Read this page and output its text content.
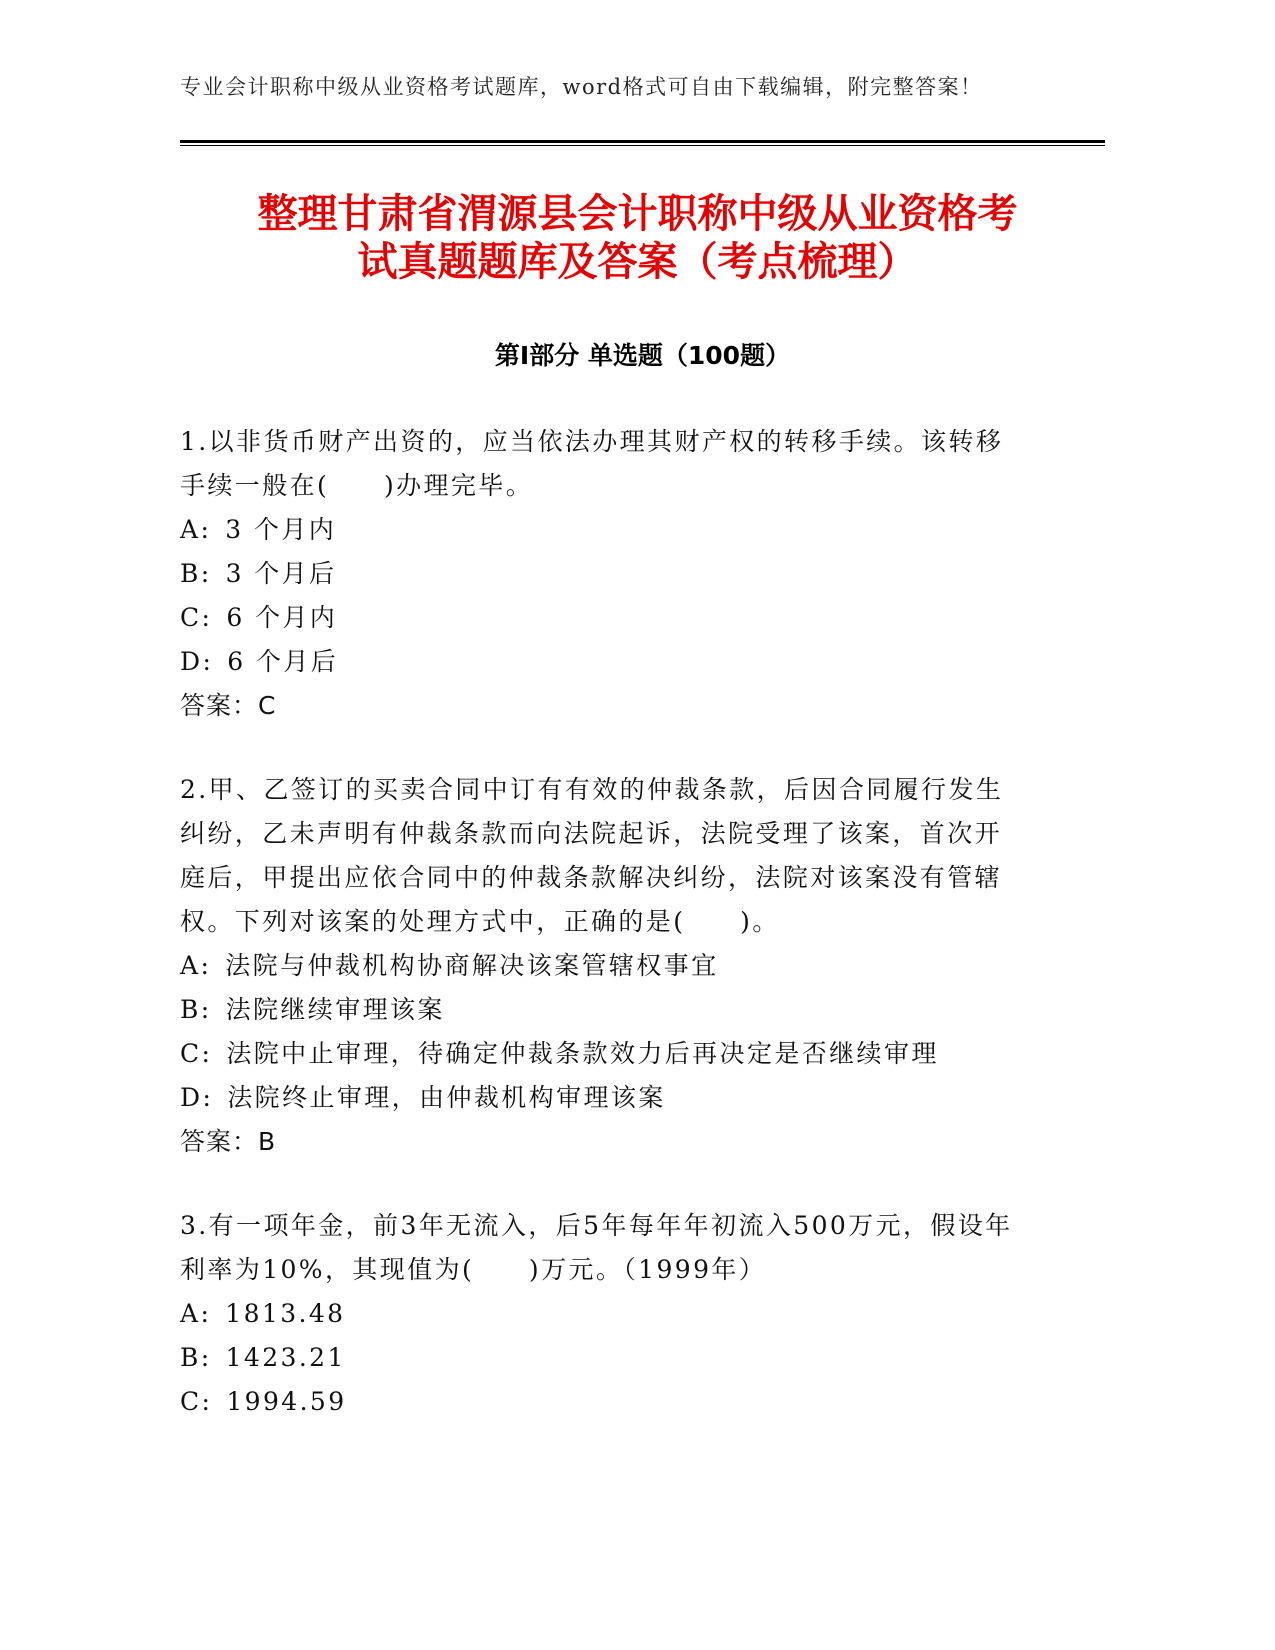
专业会计职称中级从业资格考试题库，word格式可自由下载编辑，附完整答案！
整理甘肃省渭源县会计职称中级从业资格考
试真题题库及答案（考点梳理）
第Ⅰ部分 单选题（100题）

1.以非货币财产出资的，应当依法办理其财产权的转移手续。该转移手续一般在(　　)办理完毕。

A: 3 个月内

B: 3 个月后

C: 6 个月内

D: 6 个月后

答案：C

2.甲、乙签订的买卖合同中订有有效的仲裁条款，后因合同履行发生纠纷，乙未声明有仲裁条款而向法院起诉，法院受理了该案，首次开庭后，甲提出应依合同中的仲裁条款解决纠纷，法院对该案没有管辖权。下列对该案的处理方式中，正确的是(　　)。

A: 法院与仲裁机构协商解决该案管辖权事宜

B: 法院继续审理该案

C: 法院中止审理，待确定仲裁条款效力后再决定是否继续审理

D: 法院终止审理，由仲裁机构审理该案

答案：B

3.有一项年金，前3年无流入，后5年每年年初流入500万元，假设年利率为10%，其现值为(　　)万元。（1999年）

A: 1813.48

B: 1423.21

C: 1994.59
